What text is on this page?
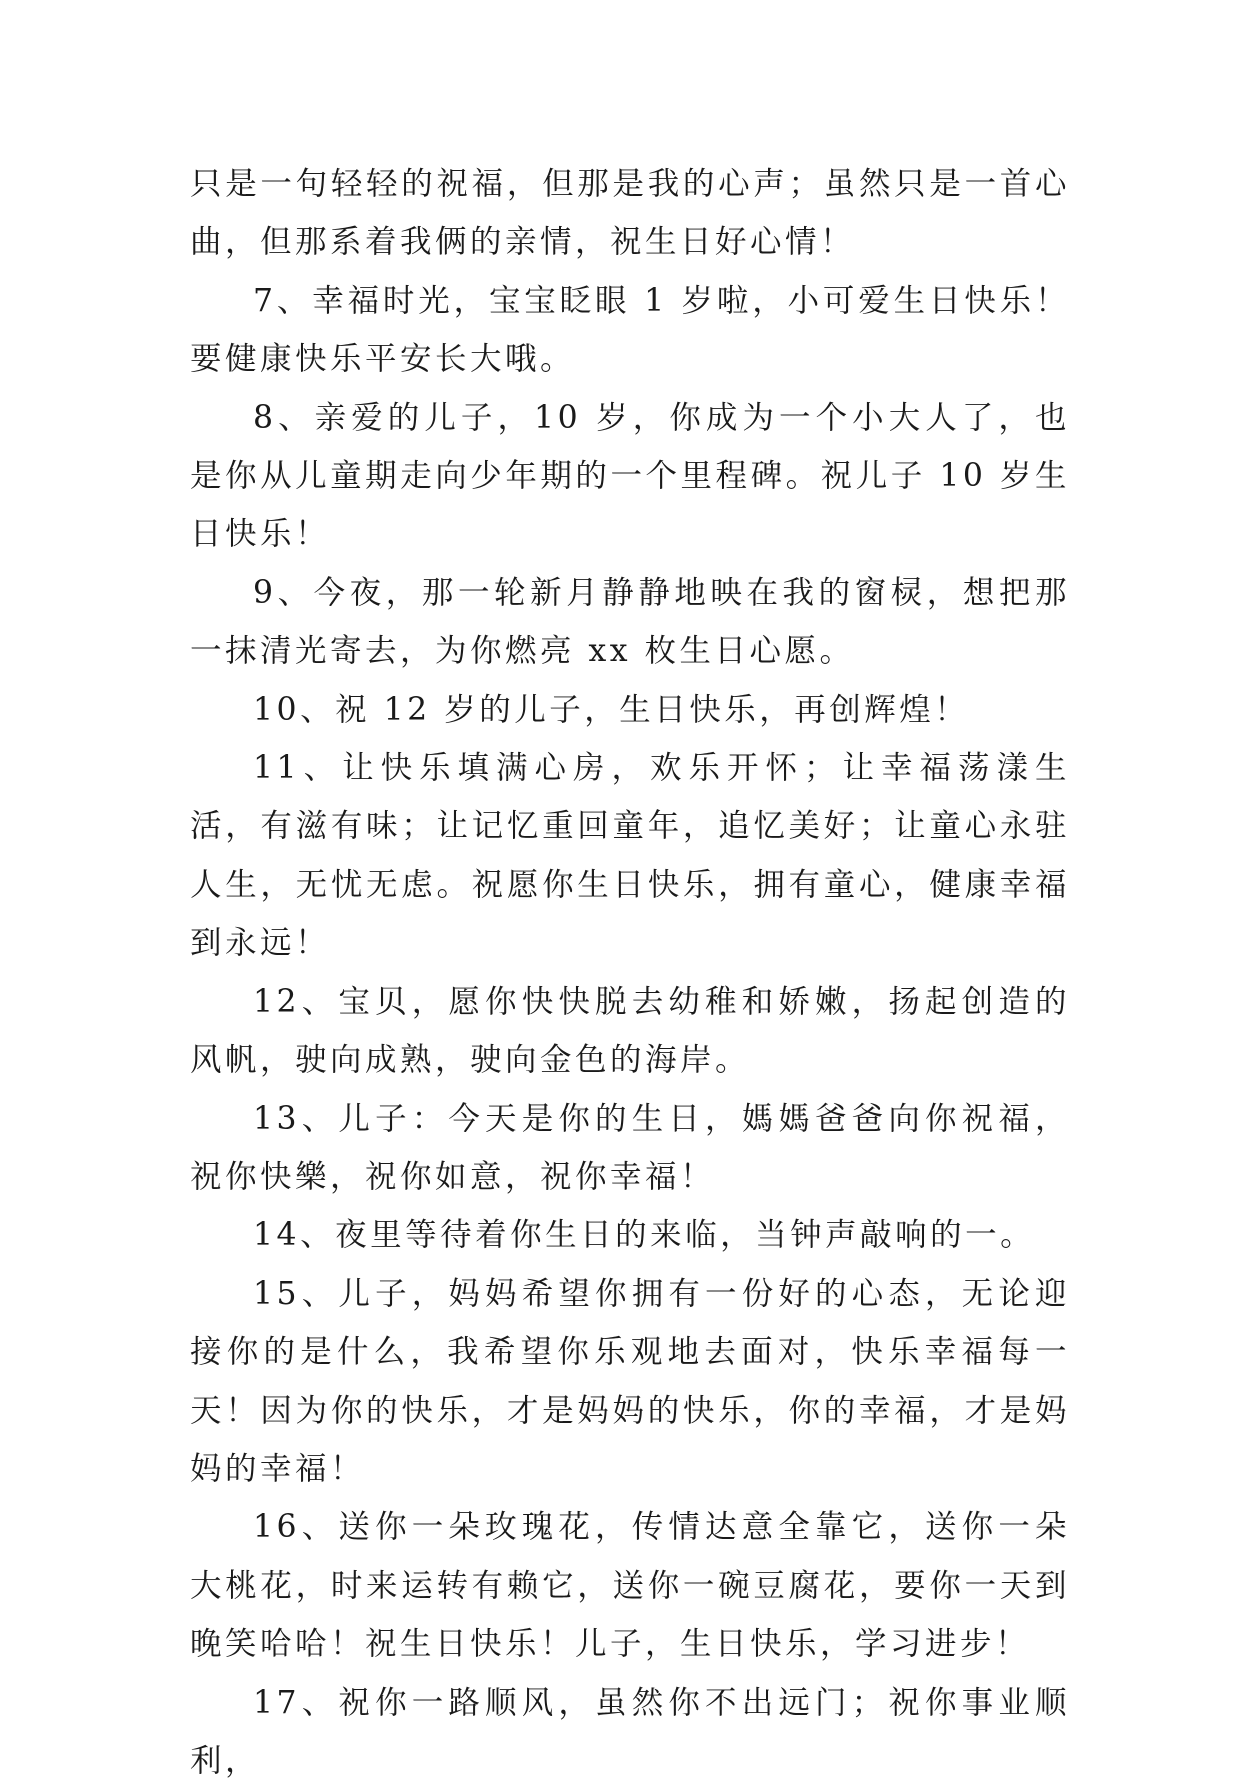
只是一句轻轻的祝福，但那是我的心声；虽然只是一首心曲，但那系着我俩的亲情，祝生日好心情！

7、幸福时光，宝宝眨眼 1 岁啦，小可爱生日快乐！要健康快乐平安长大哦。

8、亲爱的儿子，10 岁，你成为一个小大人了，也是你从儿童期走向少年期的一个里程碑。祝儿子 10 岁生日快乐！

9、今夜，那一轮新月静静地映在我的窗棂，想把那一抹清光寄去，为你燃亮 xx 枚生日心愿。

10、祝 12 岁的儿子，生日快乐，再创辉煌！

11、让快乐填满心房，欢乐开怀；让幸福荡漾生活，有滋有味；让记忆重回童年，追忆美好；让童心永驻人生，无忧无虑。祝愿你生日快乐，拥有童心，健康幸福到永远！

12、宝贝，愿你快快脱去幼稚和娇嫩，扬起创造的风帆，驶向成熟，驶向金色的海岸。

13、儿子：今天是你的生日，媽媽爸爸向你祝福，祝你快樂，祝你如意，祝你幸福！

14、夜里等待着你生日的来临，当钟声敲响的一。

15、儿子，妈妈希望你拥有一份好的心态，无论迎接你的是什么，我希望你乐观地去面对，快乐幸福每一天！因为你的快乐，才是妈妈的快乐，你的幸福，才是妈妈的幸福！

16、送你一朵玫瑰花，传情达意全靠它，送你一朵大桃花，时来运转有赖它，送你一碗豆腐花，要你一天到晚笑哈哈！祝生日快乐！儿子，生日快乐，学习进步！

17、祝你一路顺风，虽然你不出远门；祝你事业顺利，
